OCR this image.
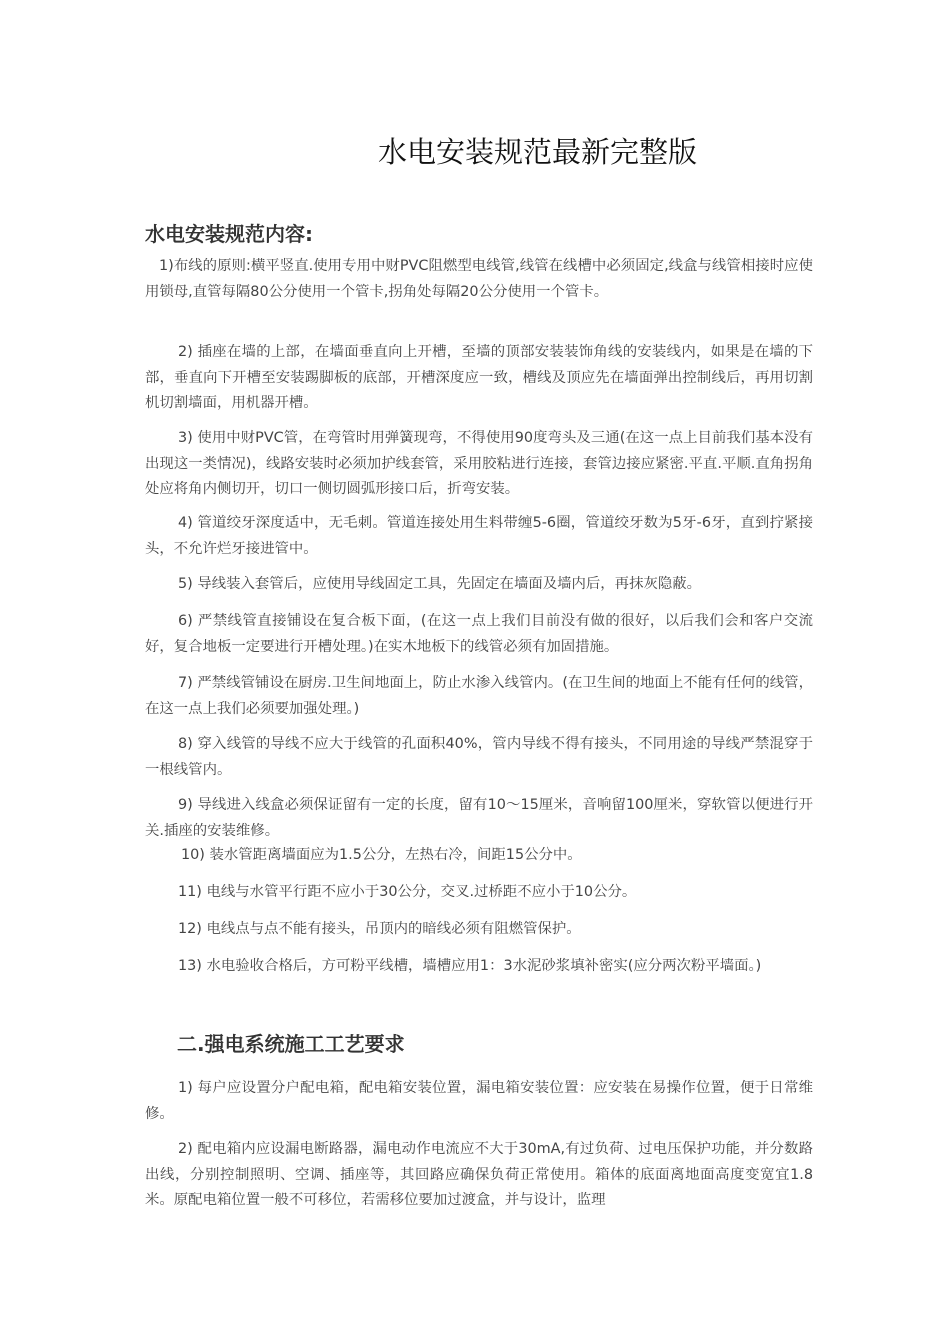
水电安装规范最新完整版
水电安装规范内容:

1)布线的原则:横平竖直.使用专用中财PVC阻燃型电线管,线管在线槽中必须固定,线盒与线管相接时应使用锁母,直管每隔80公分使用一个管卡,拐角处每隔20公分使用一个管卡。

2) 插座在墙的上部，在墙面垂直向上开槽，至墙的顶部安装装饰角线的安装线内，如果是在墙的下部，垂直向下开槽至安装踢脚板的底部，开槽深度应一致，槽线及顶应先在墙面弹出控制线后，再用切割机切割墙面，用机器开槽。

3) 使用中财PVC管，在弯管时用弹簧现弯，不得使用90度弯头及三通(在这一点上目前我们基本没有出现这一类情况)，线路安装时必须加护线套管，采用胶粘进行连接，套管边接应紧密.平直.平顺.直角拐角处应将角内侧切开，切口一侧切圆弧形接口后，折弯安装。

4) 管道绞牙深度适中，无毛刺。管道连接处用生料带缠5-6圈，管道绞牙数为5牙-6牙，直到拧紧接头，不允许烂牙接进管中。

5) 导线装入套管后，应使用导线固定工具，先固定在墙面及墙内后，再抹灰隐蔽。

6) 严禁线管直接铺设在复合板下面，(在这一点上我们目前没有做的很好，以后我们会和客户交流好，复合地板一定要进行开槽处理。)在实木地板下的线管必须有加固措施。

7) 严禁线管铺设在厨房.卫生间地面上，防止水渗入线管内。(在卫生间的地面上不能有任何的线管，在这一点上我们必须要加强处理。)

8) 穿入线管的导线不应大于线管的孔面积40%，管内导线不得有接头，不同用途的导线严禁混穿于一根线管内。

9) 导线进入线盒必须保证留有一定的长度，留有10～15厘米，音响留100厘米，穿软管以便进行开关.插座的安装维修。

10) 装水管距离墙面应为1.5公分，左热右冷，间距15公分中。

11) 电线与水管平行距不应小于30公分，交叉.过桥距不应小于10公分。

12) 电线点与点不能有接头，吊顶内的暗线必须有阻燃管保护。

13) 水电验收合格后，方可粉平线槽，墙槽应用1：3水泥砂浆填补密实(应分两次粉平墙面。)

二.强电系统施工工艺要求

1) 每户应设置分户配电箱，配电箱安装位置，漏电箱安装位置：应安装在易操作位置，便于日常维修。

2) 配电箱内应设漏电断路器，漏电动作电流应不大于30mA,有过负荷、过电压保护功能，并分数路出线，分别控制照明、空调、插座等，其回路应确保负荷正常使用。箱体的底面离地面高度变宽宜1.8米。原配电箱位置一般不可移位，若需移位要加过渡盒，并与设计，监理
